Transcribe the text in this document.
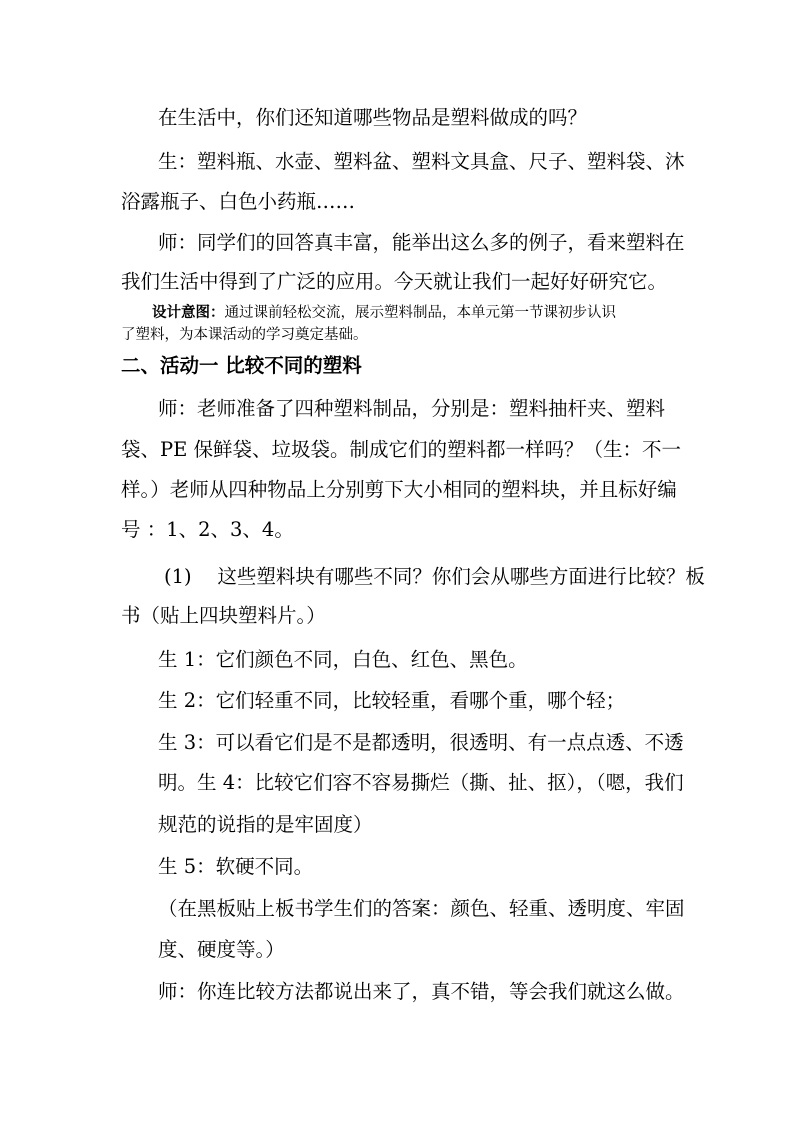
在生活中，你们还知道哪些物品是塑料做成的吗？
生：塑料瓶、水壶、塑料盆、塑料文具盒、尺子、塑料袋、沐
浴露瓶子、白色小药瓶……
师：同学们的回答真丰富，能举出这么多的例子，看来塑料在
我们生活中得到了广泛的应用。今天就让我们一起好好研究它。
设计意图：通过课前轻松交流，展示塑料制品，本单元第一节课初步认识
了塑料，为本课活动的学习奠定基础。
二、活动一 比较不同的塑料
师：老师准备了四种塑料制品，分别是：塑料抽杆夹、塑料
袋、PE 保鲜袋、垃圾袋。制成它们的塑料都一样吗？（生：不一
样。）老师从四种物品上分别剪下大小相同的塑料块，并且标好编
号 ：1、2、3、4。
(1)　 这些塑料块有哪些不同？你们会从哪些方面进行比较？板
书（贴上四块塑料片。）
生 1：它们颜色不同，白色、红色、黑色。
生 2：它们轻重不同，比较轻重，看哪个重，哪个轻；
生 3：可以看它们是不是都透明，很透明、有一点点透、不透
明。生 4：比较它们容不容易撕烂（撕、扯、抠），（嗯，我们
规范的说指的是牢固度）
生 5：软硬不同。
（在黑板贴上板书学生们的答案：颜色、轻重、透明度、牢固
度、硬度等。）
师：你连比较方法都说出来了，真不错，等会我们就这么做。
